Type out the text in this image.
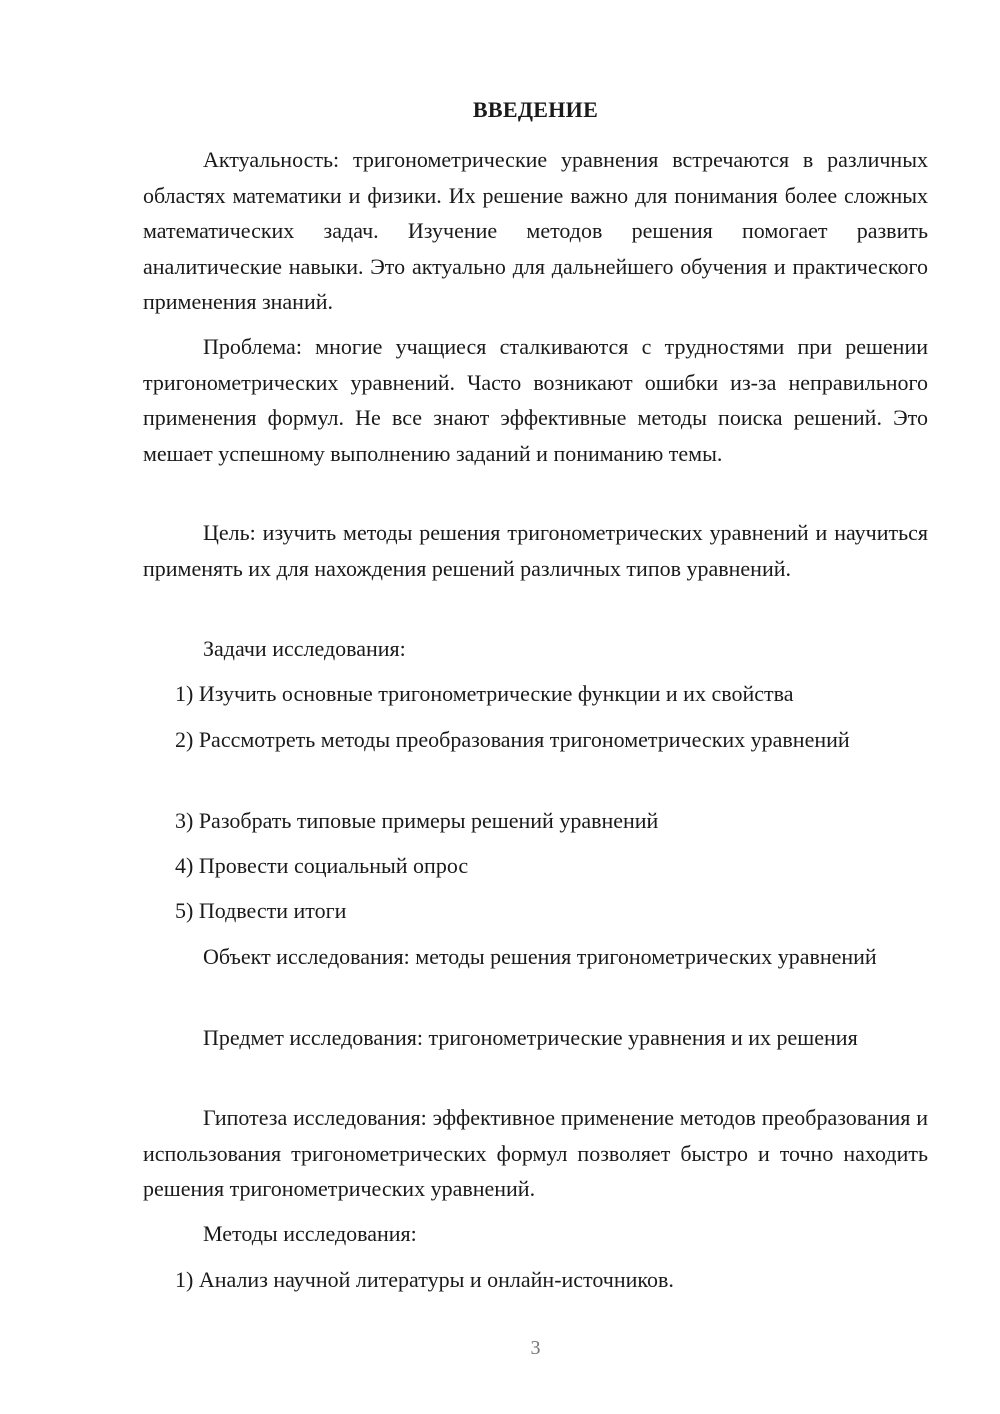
ВВЕДЕНИЕ

Актуальность: тригонометрические уравнения встречаются в различных областях математики и физики. Их решение важно для понимания более сложных математических задач. Изучение методов решения помогает развить аналитические навыки. Это актуально для дальнейшего обучения и практического применения знаний.

Проблема: многие учащиеся сталкиваются с трудностями при решении тригонометрических уравнений. Часто возникают ошибки из-за неправильного применения формул. Не все знают эффективные методы поиска решений. Это мешает успешному выполнению заданий и пониманию темы.

Цель: изучить методы решения тригонометрических уравнений и научиться применять их для нахождения решений различных типов уравнений.

Задачи исследования:

1) Изучить основные тригонометрические функции и их свойства

2) Рассмотреть методы преобразования тригонометрических уравнений

3) Разобрать типовые примеры решений уравнений

4) Провести социальный опрос

5) Подвести итоги

Объект исследования: методы решения тригонометрических уравнений

Предмет исследования: тригонометрические уравнения и их решения

Гипотеза исследования: эффективное применение методов преобразования и использования тригонометрических формул позволяет быстро и точно находить решения тригонометрических уравнений.

Методы исследования:

1) Анализ научной литературы и онлайн-источников.

3
